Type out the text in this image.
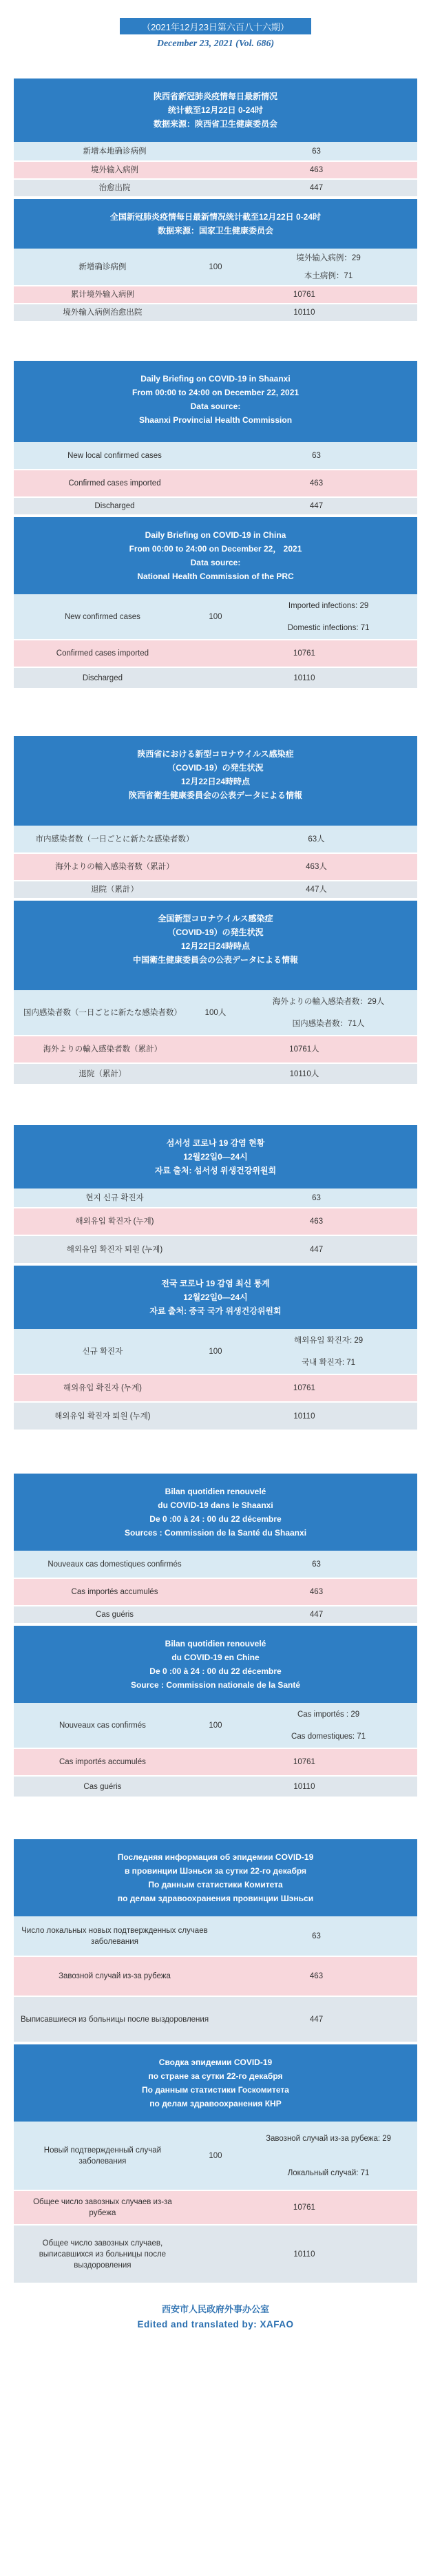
（2021年12月23日第六百八十六期）
December 23, 2021 (Vol. 686)
陕西省新冠肺炎疫情每日最新情况
统计截至12月22日 0-24时
数据来源：陕西省卫生健康委员会
新增本地确诊病例	63
境外输入病例	463
治愈出院	447
全国新冠肺炎疫情每日最新情况统计截至12月22日 0-24时
数据来源：国家卫生健康委员会
新增确诊病例	100	境外输入病例：29
		本土病例：71
累计境外输入病例	10761	
境外输入病例治愈出院	10110	
Daily Briefing on COVID-19 in Shaanxi
From 00:00 to 24:00 on December 22, 2021
Data source:
Shaanxi Provincial Health Commission
New local confirmed cases	63
Confirmed cases imported	463
Discharged	447
Daily Briefing on COVID-19 in China
From 00:00 to 24:00 on December 22， 2021
Data source:
National Health Commission of the PRC
New confirmed cases	100	Imported infections: 29
		Domestic infections: 71
Confirmed cases imported	10761	
Discharged	10110	
陝西省における新型コロナウイルス感染症
（COVID-19）の発生状況
12月22日24時時点
陝西省衛生健康委員会の公表データによる情報
市内感染者数（一日ごとに新たな感染者数）	63人
海外よりの輸入感染者数（累計）	463人
退院（累計）	447人
全国新型コロナウイルス感染症
（COVID-19）の発生状況
12月22日24時時点
中国衛生健康委員会の公表データによる情報
国内感染者数（一日ごとに新たな感染者数）	100人	海外よりの輸入感染者数：29人
		国内感染者数：71人
海外よりの輸入感染者数（累計）	10761人	
退院（累計）	10110人	
섬서성 코로나 19 감염 현황
12월22일0—24시
자료 출처: 섬서성 위생건강위원회
현지 신규 확진자	63
해외유입 확진자 (누계)	463
해외유입 확진자 퇴원 (누계)	447
전국 코로나 19 감염 최신 통계
12월22일0—24시
자료 출처: 중국 국가 위생건강위원회
신규 확진자	100	해외유입 확진자: 29
		국내 확진자: 71
해외유입 확진자 (누계)	10761	
해외유입 확진자 퇴원 (누계)	10110	
Bilan quotidien renouvelé
du COVID-19 dans le Shaanxi
De 0 :00 à 24 : 00 du 22 décembre
Sources : Commission de la Santé du Shaanxi
Nouveaux cas domestiques confirmés	63
Cas importés accumulés	463
Cas guéris	447
Bilan quotidien renouvelé
du COVID-19 en Chine
De 0 :00 à 24 : 00 du 22 décembre
Source : Commission nationale de la Santé
Nouveaux cas confirmés	100	Cas importés : 29
		Cas domestiques: 71
Cas importés accumulés	10761	
Cas guéris	10110	
Последняя информация об эпидемии COVID-19
в провинции Шэньси за сутки 22-го декабря
По данным статистики Комитета
по делам здравоохранения провинции Шэньси
Число локальных новых подтвержденных случаев заболевания	63
Завозной случай из-за рубежа	463
Выписавшиеся из больницы после выздоровления	447
Сводка эпидемии COVID-19
по стране за сутки 22-го декабря
По данным статистики Госкомитета
по делам здравоохранения КНР
Новый подтвержденный случай заболевания	100	Завозной случай из-за рубежа: 29
		Локальный случай: 71
Общее число завозных случаев из-за рубежа	10761	
Общее число завозных случаев, выписавшихся из больницы после выздоровления	10110	
西安市人民政府外事办公室
Edited and translated by: XAFAO
